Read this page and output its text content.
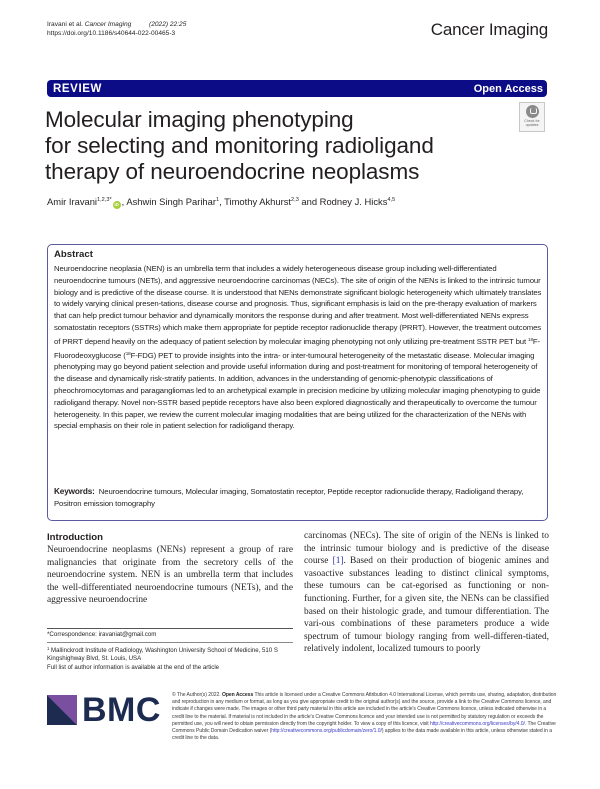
Iravani et al. Cancer Imaging	(2022) 22:25
https://doi.org/10.1186/s40644-022-00465-3	Cancer Imaging
REVIEW	Open Access
Check for
updates
Molecular imaging phenotyping
for selecting and monitoring radioligand
therapy of neuroendocrine neoplasms
Amir Iravani$^{1,2,3*}$iD , Ashwin Singh Parihar$^1$, Timothy Akhurst$^{2,3}$ and Rodney J. Hicks$^{4,5}$
Abstract
Neuroendocrine neoplasia (NEN) is an umbrella term that includes a widely heterogeneous disease group including well-differentiated neuroendocrine tumours (NETs), and aggressive neuroendocrine carcinomas (NECs). The site of origin of the NENs is linked to the intrinsic tumour biology and is predictive of the disease course. It is understood that NENs demonstrate significant biologic heterogeneity which ultimately translates to widely varying clinical presen-tations, disease course and prognosis. Thus, significant emphasis is laid on the pre-therapy evaluation of markers that can help predict tumour behavior and dynamically monitors the response during and after treatment. Most well-differentiated NENs express somatostatin receptors (SSTRs) which make them appropriate for peptide receptor radionuclide therapy (PRRT). However, the treatment outcomes of PRRT depend heavily on the adequacy of patient selection by molecular imaging phenotyping not only utilizing pre-treatment SSTR PET but $^{18}$F-Fluorodeoxyglucose ($^{18}$F-FDG) PET to provide insights into the intra- or inter-tumoural heterogeneity of the metastatic disease. Molecular imaging phenotyping may go beyond patient selection and provide useful information during and post-treatment for monitoring of temporal heterogeneity of the disease and dynamically risk-stratify patients. In addition, advances in the understanding of genomic-phenotypic classifications of pheochromocytomas and paragangliomas led to an archetypical example in precision medicine by utilizing molecular imaging phenotyping to guide radioligand therapy. Novel non-SSTR based peptide receptors have also been explored diagnostically and therapeutically to overcome the tumour heterogeneity. In this paper, we review the current molecular imaging modalities that are being utilized for the characterization of the NENs with special emphasis on their role in patient selection for radioligand therapy.
Keywords: Neuroendocrine tumours, Molecular imaging, Somatostatin receptor, Peptide receptor radionuclide therapy, Radioligand therapy, Positron emission tomography
Introduction
Neuroendocrine neoplasms (NENs) represent a group of rare malignancies that originate from the secretory cells of the neuroendocrine system. NEN is an umbrella term that includes the well-differentiated neuroendocrine tumours (NETs), and the aggressive neuroendocrine
carcinomas (NECs). The site of origin of the NENs is linked to the intrinsic tumour biology and is predictive of the disease course [1]. Based on their production of biogenic amines and vasoactive substances leading to distinct clinical symptoms, these tumours can be cat-egorised as functioning or non-functioning. Further, for a given site, the NENs can be classified based on their histologic grade, and tumour differentiation. The vari-ous combinations of these parameters produce a wide spectrum of tumour biology ranging from well-differen-tiated, relatively indolent, localized tumours to poorly
*Correspondence: iravaniat@gmail.com
$^1$ Mallinckrodt Institute of Radiology, Washington University School of Medicine, 510 S Kingshighway Blvd, St. Louis, USA
Full list of author information is available at the end of the article
BMC © The Author(s) 2022. Open Access This article is licensed under a Creative Commons Attribution 4.0 International License, which permits use, sharing, adaptation, distribution and reproduction in any medium or format, as long as you give appropriate credit to the original author(s) and the source, provide a link to the Creative Commons licence, and indicate if changes were made. The images or other third party material in this article are included in the article's Creative Commons licence, unless indicated otherwise in a credit line to the material. If material is not included in the article's Creative Commons licence and your intended use is not permitted by statutory regulation or exceeds the permitted use, you will need to obtain permission directly from the copyright holder. To view a copy of this licence, visit http://creativecommons.org/licenses/by/4.0/. The Creative Commons Public Domain Dedication waiver (http://creativecommons.org/publicdomain/zero/1.0/) applies to the data made available in this article, unless otherwise stated in a credit line to the data.
